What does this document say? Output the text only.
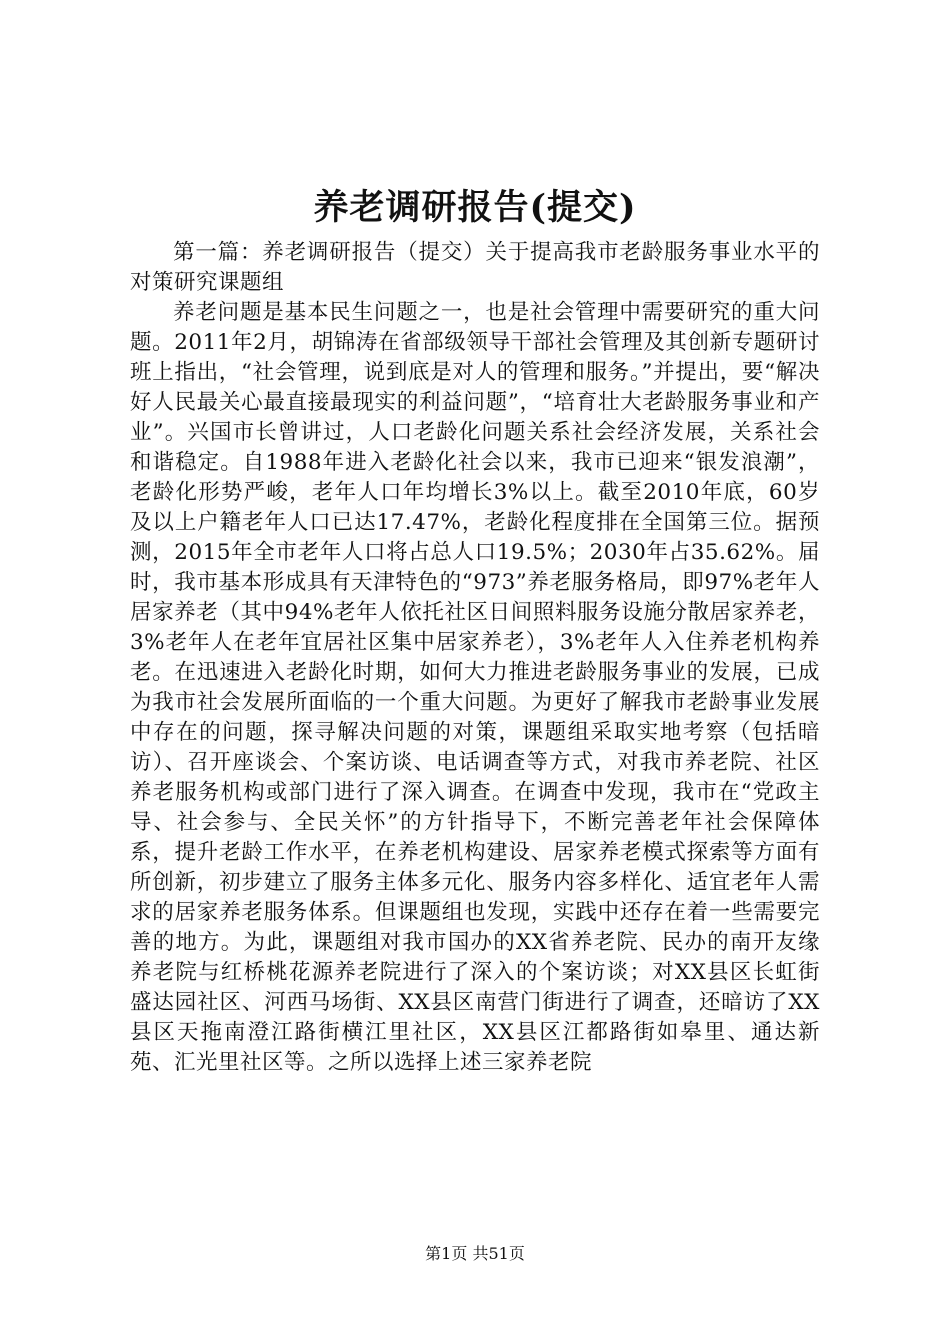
养老调研报告(提交)

第一篇：养老调研报告（提交）关于提高我市老龄服务事业水平的对策研究课题组

养老问题是基本民生问题之一，也是社会管理中需要研究的重大问题。2011年2月，胡锦涛在省部级领导干部社会管理及其创新专题研讨班上指出，“社会管理，说到底是对人的管理和服务。”并提出，要“解决好人民最关心最直接最现实的利益问题”，“培育壮大老龄服务事业和产业”。兴国市长曾讲过，人口老龄化问题关系社会经济发展，关系社会和谐稳定。自1988年进入老龄化社会以来，我市已迎来“银发浪潮”，老龄化形势严峻，老年人口年均增长3%以上。截至2010年底，60岁及以上户籍老年人口已达17.47%，老龄化程度排在全国第三位。据预测，2015年全市老年人口将占总人口19.5%；2030年占35.62%。届时，我市基本形成具有天津特色的“973”养老服务格局，即97%老年人居家养老（其中94%老年人依托社区日间照料服务设施分散居家养老，3%老年人在老年宜居社区集中居家养老），3%老年人入住养老机构养老。在迅速进入老龄化时期，如何大力推进老龄服务事业的发展，已成为我市社会发展所面临的一个重大问题。为更好了解我市老龄事业发展中存在的问题，探寻解决问题的对策，课题组采取实地考察（包括暗访）、召开座谈会、个案访谈、电话调查等方式，对我市养老院、社区养老服务机构或部门进行了深入调查。在调查中发现，我市在“党政主导、社会参与、全民关怀”的方针指导下，不断完善老年社会保障体系，提升老龄工作水平，在养老机构建设、居家养老模式探索等方面有所创新，初步建立了服务主体多元化、服务内容多样化、适宜老年人需求的居家养老服务体系。但课题组也发现，实践中还存在着一些需要完善的地方。为此，课题组对我市国办的XX省养老院、民办的南开友缘养老院与红桥桃花源养老院进行了深入的个案访谈；对XX县区长虹街盛达园社区、河西马场街、XX县区南营门街进行了调查，还暗访了XX县区天拖南澄江路街横江里社区，XX县区江都路街如皋里、通达新苑、汇光里社区等。之所以选择上述三家养老院

第1页 共51页
